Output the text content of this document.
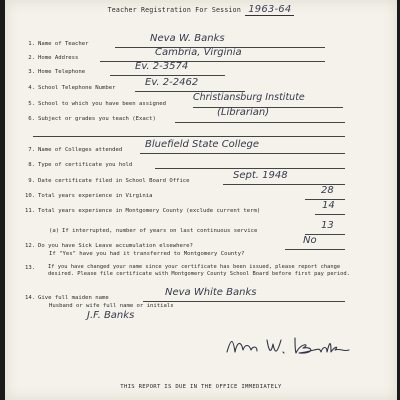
Teacher Registration For Session 1963-64
1. Name of Teacher	Neva W. Banks
2. Home Address	Cambria, Virginia
3. Home Telephone	Ev. 2-3574
4. School Telephone Number	Ev. 2-2462
5. School to which you have been assigned
Christiansburg Institute
6. Subject or grades you teach (Exact)
(Librarian)
7. Name of Colleges attended Bluefield State College
8. Type of certificate you hold
9. Date certificate filed in School Board Office	Sept. 1948
10. Total years experience in Virginia	28
11. Total years experience in Montgomery County (exclude current term)	14
(a) If interrupted, number of years on last continuous service	13
12. Do you have Sick Leave accumulation elsewhere?	No
If "Yes" have you had it transferred to Montgomery County?
13.	If you have changed your name since your certificate has been issued, please report change desired. Please file certificate with Montgomery County School Board before first pay period.
14. Give full maiden name	Neva White Banks
Husband or wife full name or initials
J.F. Banks
THIS REPORT IS DUE IN THE OFFICE IMMEDIATELY
